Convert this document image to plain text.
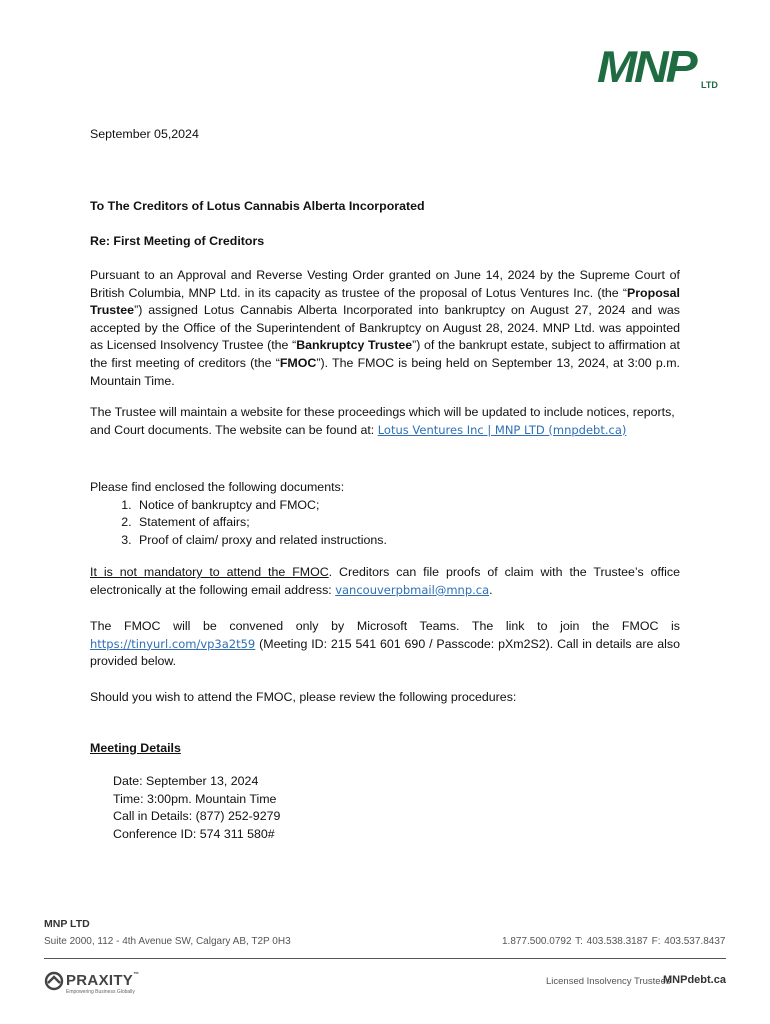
MNP LTD
September 05,2024
To The Creditors of Lotus Cannabis Alberta Incorporated
Re: First Meeting of Creditors
Pursuant to an Approval and Reverse Vesting Order granted on June 14, 2024 by the Supreme Court of British Columbia, MNP Ltd. in its capacity as trustee of the proposal of Lotus Ventures Inc. (the “Proposal Trustee”) assigned Lotus Cannabis Alberta Incorporated into bankruptcy on August 27, 2024 and was accepted by the Office of the Superintendent of Bankruptcy on August 28, 2024. MNP Ltd. was appointed as Licensed Insolvency Trustee (the “Bankruptcy Trustee”) of the bankrupt estate, subject to affirmation at the first meeting of creditors (the “FMOC”). The FMOC is being held on September 13, 2024, at 3:00 p.m. Mountain Time.
The Trustee will maintain a website for these proceedings which will be updated to include notices, reports, and Court documents. The website can be found at: Lotus Ventures Inc | MNP LTD (mnpdebt.ca)
Please find enclosed the following documents:
1. Notice of bankruptcy and FMOC;
2. Statement of affairs;
3. Proof of claim/ proxy and related instructions.
It is not mandatory to attend the FMOC. Creditors can file proofs of claim with the Trustee’s office electronically at the following email address: vancouverpbmail@mnp.ca.
The FMOC will be convened only by Microsoft Teams. The link to join the FMOC is https://tinyurl.com/vp3a2t59 (Meeting ID: 215 541 601 690 / Passcode: pXm2S2). Call in details are also provided below.
Should you wish to attend the FMOC, please review the following procedures:
Meeting Details
Date: September 13, 2024
Time: 3:00pm. Mountain Time
Call in Details: (877) 252-9279
Conference ID: 574 311 580#
MNP LTD
Suite 2000, 112 - 4th Avenue SW, Calgary AB, T2P 0H3	1.877.500.0792 T: 403.538.3187 F: 403.537.8437
PRAXITY™
Empowering Business Globally
Licensed Insolvency Trustees
MNPdebt.ca
